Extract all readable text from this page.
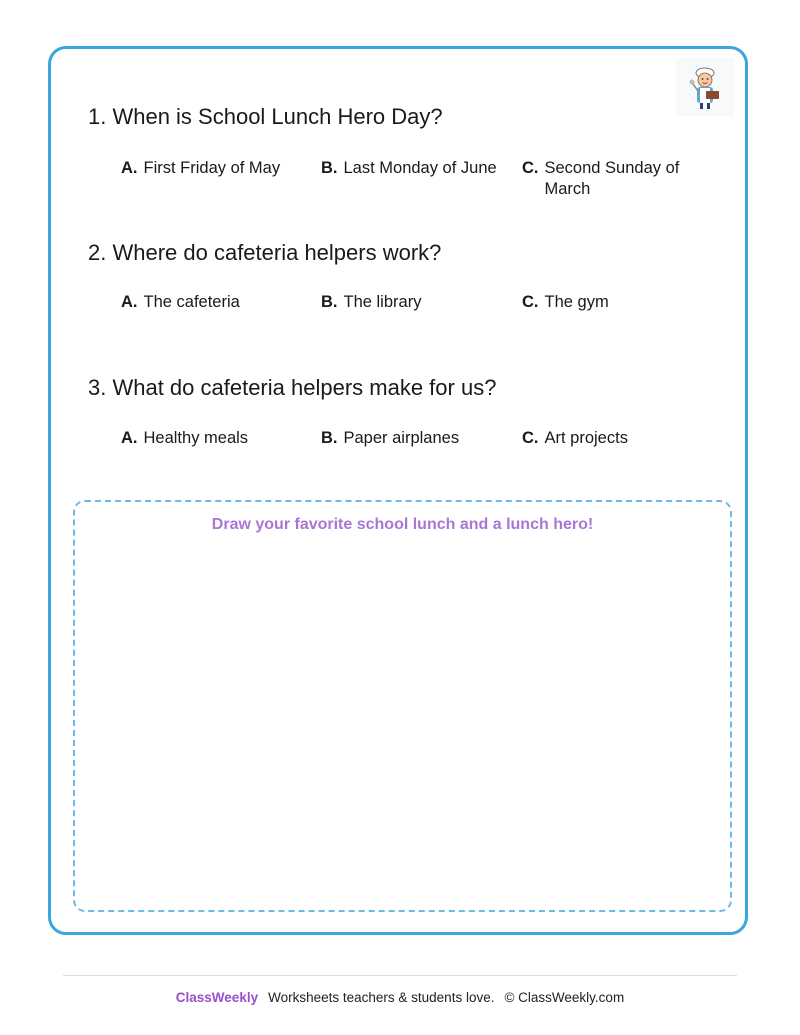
1. When is School Lunch Hero Day?

A. First Friday of May	B. Last Monday of June	C. Second Sunday of March

2. Where do cafeteria helpers work?

A. The cafeteria	B. The library	C. The gym

3. What do cafeteria helpers make for us?

A. Healthy meals	B. Paper airplanes	C. Art projects
Draw your favorite school lunch and a lunch hero!
ClassWeekly Worksheets teachers & students love. © ClassWeekly.com
